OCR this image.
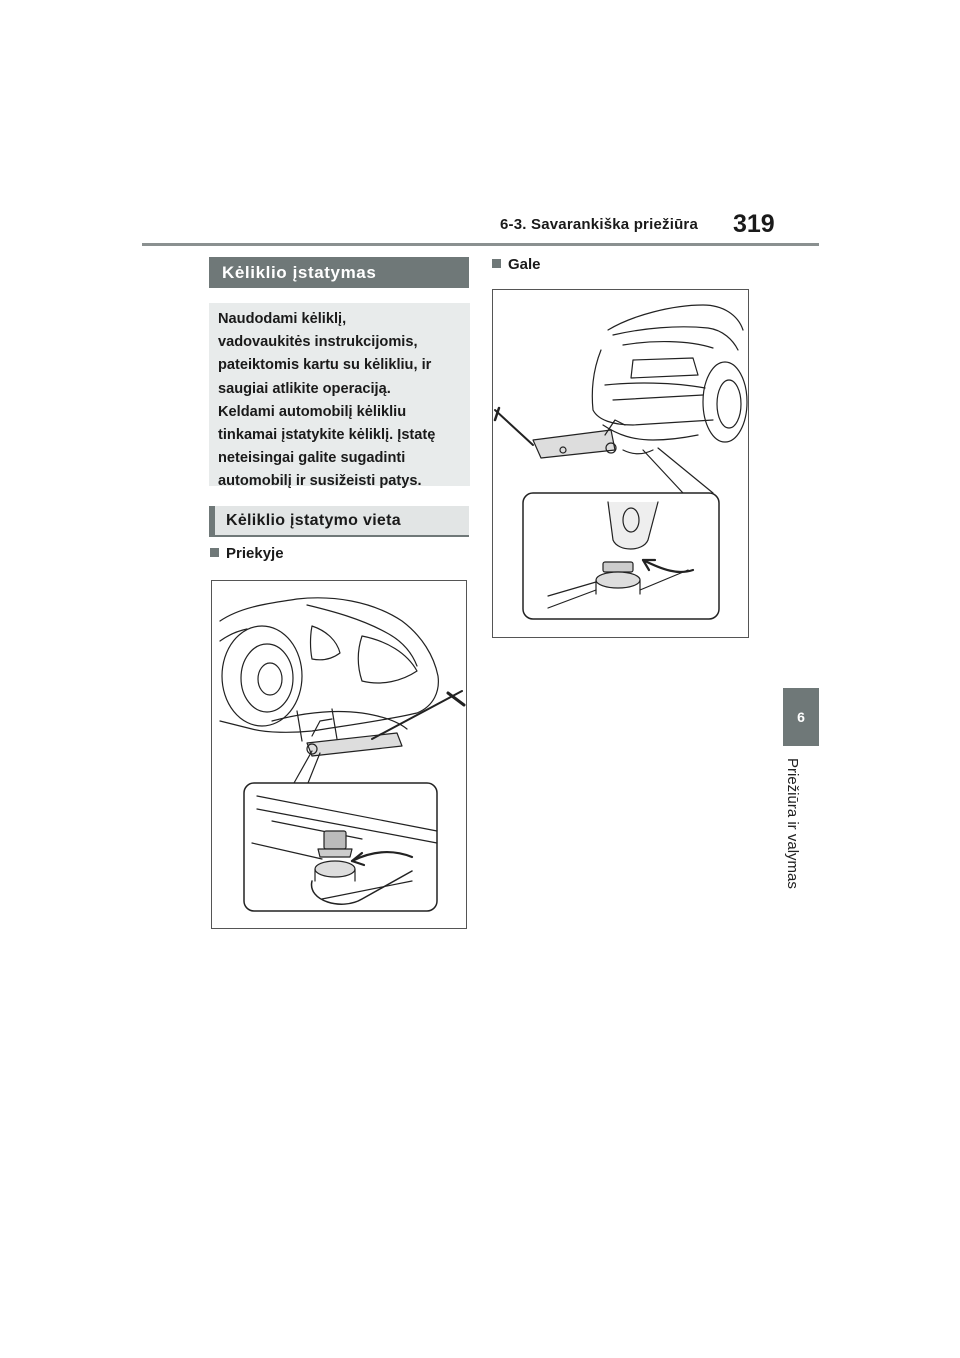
6-3. Savarankiška priežiūra 319
6
Priežiūra ir valymas
Kėliklio įstatymas
Naudodami kėliklį,
vadovaukitės instrukcijomis,
pateiktomis kartu su kėlikliu, ir
saugiai atlikite operaciją.
Keldami automobilį kėlikliu
tinkamai įstatykite kėliklį. Įstatę
neteisingai galite sugadinti
automobilį ir susižeisti patys.
Kėliklio įstatymo vieta
Priekyje
Gale
